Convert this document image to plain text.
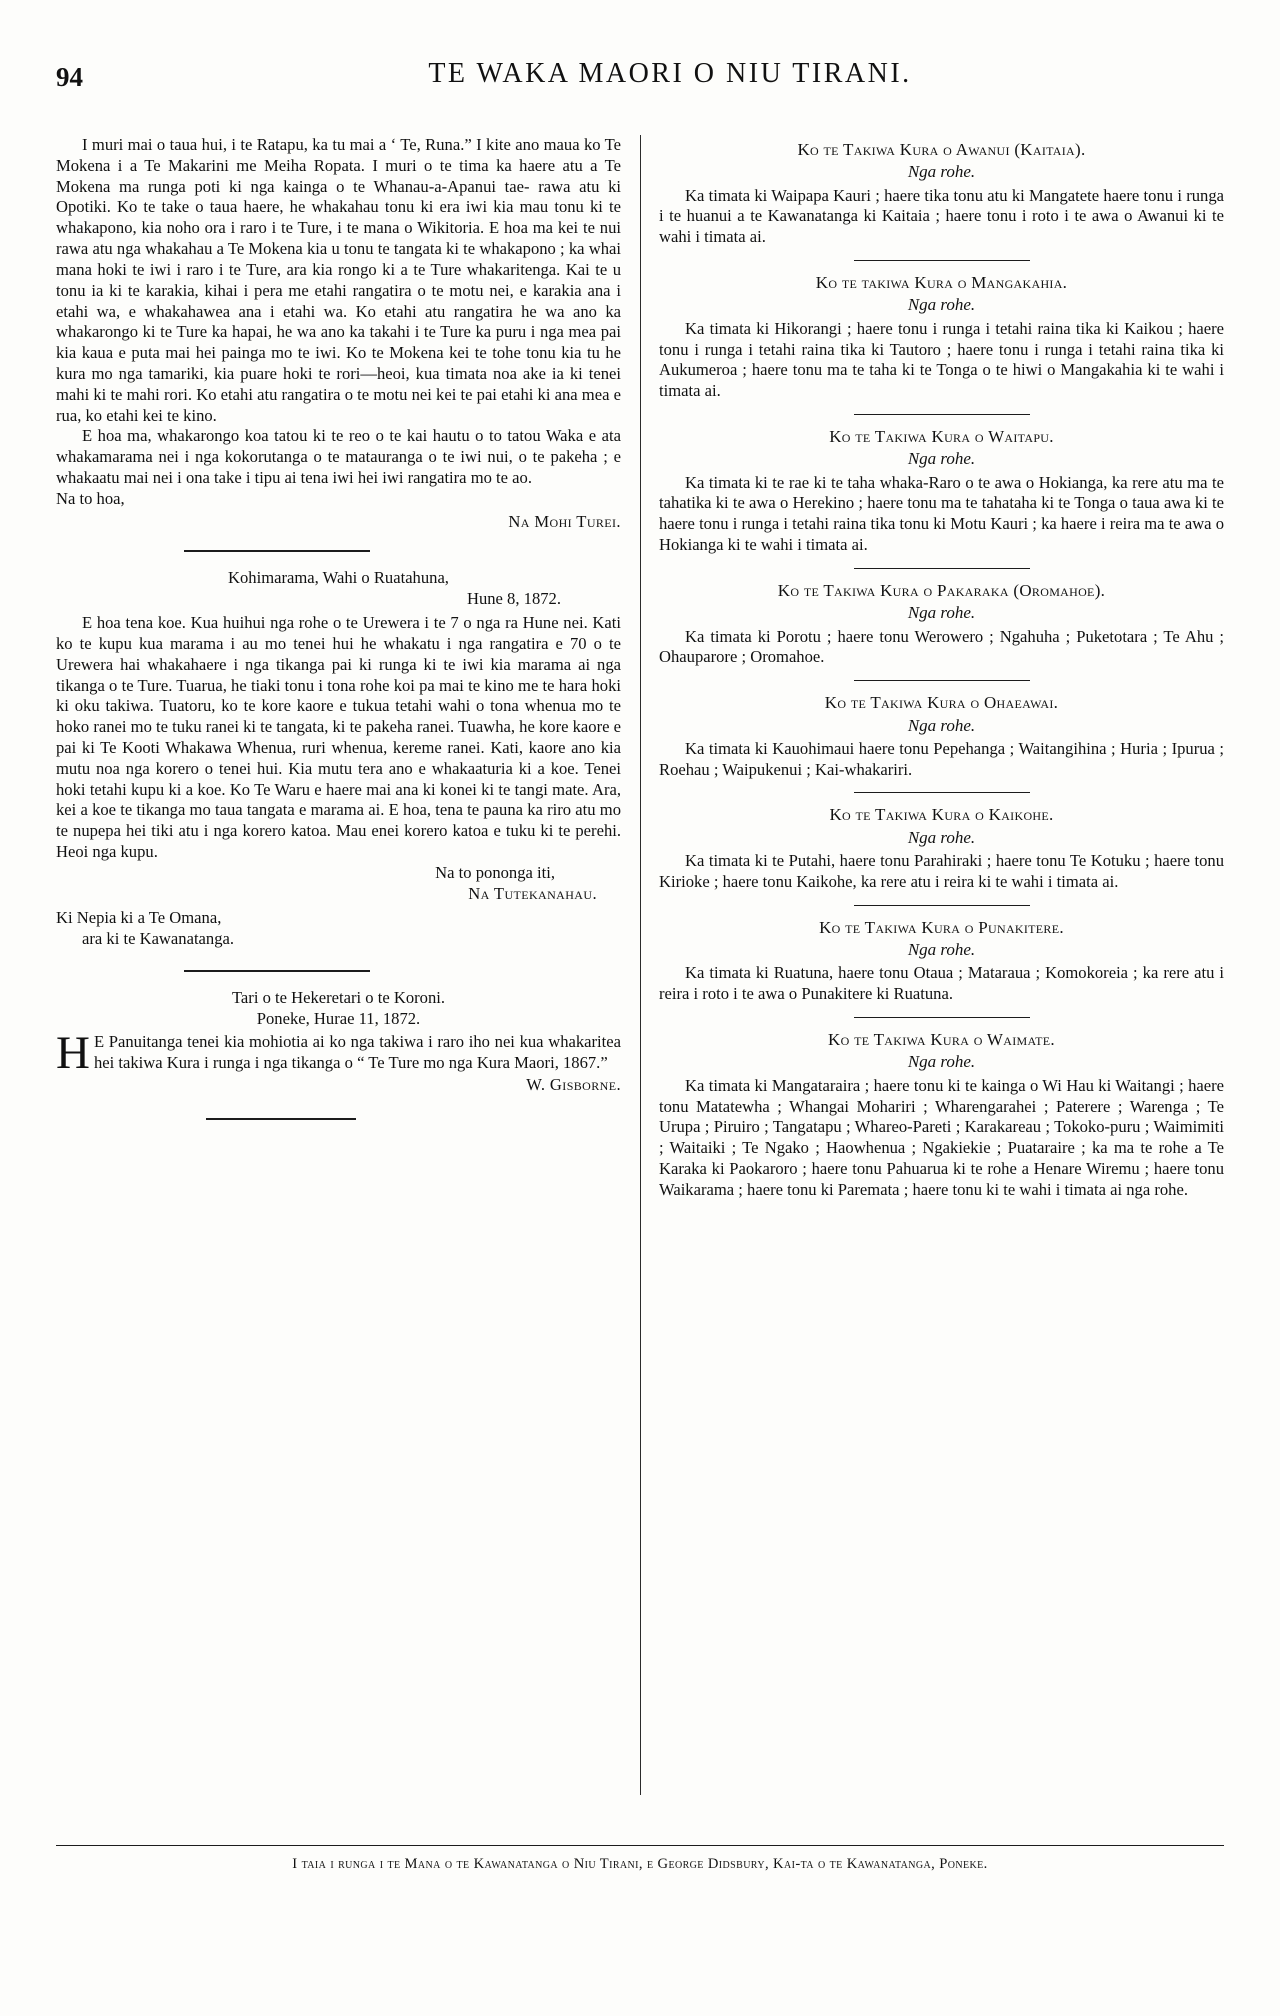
94	TE WAKA MAORI O NIU TIRANI.

I muri mai o taua hui, i te Ratapu, ka tu mai a ‘ Te, Runa.” I kite ano maua ko Te Mokena i a Te Makarini me Meiha Ropata. I muri o te tima ka haere atu a Te Mokena ma runga poti ki nga kainga o te Whanau-a-Apanui tae- rawa atu ki Opotiki. Ko te take o taua haere, he whakahau tonu ki era iwi kia mau tonu ki te whakapono, kia noho ora i raro i te Ture, i te mana o Wikitoria. E hoa ma kei te nui rawa atu nga whakahau a Te Mokena kia u tonu te tangata ki te whakapono ; ka whai mana hoki te iwi i raro i te Ture, ara kia rongo ki a te Ture whakaritenga. Kai te u tonu ia ki te karakia, kihai i pera me etahi rangatira o te motu nei, e karakia ana i etahi wa, e whakahawea ana i etahi wa. Ko etahi atu rangatira he wa ano ka whakarongo ki te Ture ka hapai, he wa ano ka takahi i te Ture ka puru i nga mea pai kia kaua e puta mai hei painga mo te iwi. Ko te Mokena kei te tohe tonu kia tu he kura mo nga tamariki, kia puare hoki te rori—heoi, kua timata noa ake ia ki tenei mahi ki te mahi rori. Ko etahi atu rangatira o te motu nei kei te pai etahi ki ana mea e rua, ko etahi kei te kino.

E hoa ma, whakarongo koa tatou ki te reo o te kai hautu o to tatou Waka e ata whakamarama nei i nga kokorutanga o te matauranga o te iwi nui, o te pakeha ; e whakaatu mai nei i ona take i tipu ai tena iwi hei iwi rangatira mo te ao.

Na to hoa,

Na Mohi Turei.

Kohimarama, Wahi o Ruatahuna,

Hune 8, 1872.

E hoa tena koe. Kua huihui nga rohe o te Urewera i te 7 o nga ra Hune nei. Kati ko te kupu kua marama i au mo tenei hui he whakatu i nga rangatira e 70 o te Urewera hai whakahaere i nga tikanga pai ki runga ki te iwi kia marama ai nga tikanga o te Ture. Tuarua, he tiaki tonu i tona rohe koi pa mai te kino me te hara hoki ki oku takiwa. Tuatoru, ko te kore kaore e tukua tetahi wahi o tona whenua mo te hoko ranei mo te tuku ranei ki te tangata, ki te pakeha ranei. Tuawha, he kore kaore e pai ki Te Kooti Whakawa Whenua, ruri whenua, kereme ranei. Kati, kaore ano kia mutu noa nga korero o tenei hui. Kia mutu tera ano e whakaaturia ki a koe. Tenei hoki tetahi kupu ki a koe. Ko Te Waru e haere mai ana ki konei ki te tangi mate. Ara, kei a koe te tikanga mo taua tangata e marama ai. E hoa, tena te pauna ka riro atu mo te nupepa hei tiki atu i nga korero katoa. Mau enei korero katoa e tuku ki te perehi. Heoi nga kupu.

Na to pononga iti,

Na Tutekanahau.

Ki Nepia ki a Te Omana,

ara ki te Kawanatanga.

Tari o te Hekeretari o te Koroni.

Poneke, Hurae 11, 1872.

H E Panuitanga tenei kia mohiotia ai ko nga takiwa i raro iho nei kua whakaritea hei takiwa Kura i runga i nga tikanga o “ Te Ture mo nga Kura Maori, 1867.”

W. Gisborne.

Ko te Takiwa Kura o Awanui (Kaitaia).

Nga rohe.

Ka timata ki Waipapa Kauri ; haere tika tonu atu ki Mangatete haere tonu i runga i te huanui a te Kawanatanga ki Kaitaia ; haere tonu i roto i te awa o Awanui ki te wahi i timata ai.

Ko te takiwa Kura o Mangakahia.

Nga rohe.

Ka timata ki Hikorangi ; haere tonu i runga i tetahi raina tika ki Kaikou ; haere tonu i runga i tetahi raina tika ki Tautoro ; haere tonu i runga i tetahi raina tika ki Aukumeroa ; haere tonu ma te taha ki te Tonga o te hiwi o Mangakahia ki te wahi i timata ai.

Ko te Takiwa Kura o Waitapu.

Nga rohe.

Ka timata ki te rae ki te taha whaka-Raro o te awa o Hokianga, ka rere atu ma te tahatika ki te awa o Herekino ; haere tonu ma te tahataha ki te Tonga o taua awa ki te haere tonu i runga i tetahi raina tika tonu ki Motu Kauri ; ka haere i reira ma te awa o Hokianga ki te wahi i timata ai.

Ko te Takiwa Kura o Pakaraka (Oromahoe).

Nga rohe.

Ka timata ki Porotu ; haere tonu Werowero ; Ngahuha ; Puketotara ; Te Ahu ; Ohauparore ; Oromahoe.

Ko te Takiwa Kura o Ohaeawai.

Nga rohe.

Ka timata ki Kauohimaui haere tonu Pepehanga ; Waitangihina ; Huria ; Ipurua ; Roehau ; Waipukenui ; Kai-whakariri.

Ko te Takiwa Kura o Kaikohe.

Nga rohe.

Ka timata ki te Putahi, haere tonu Parahiraki ; haere tonu Te Kotuku ; haere tonu Kirioke ; haere tonu Kaikohe, ka rere atu i reira ki te wahi i timata ai.

Ko te Takiwa Kura o Punakitere.

Nga rohe.

Ka timata ki Ruatuna, haere tonu Otaua ; Mataraua ; Komokoreia ; ka rere atu i reira i roto i te awa o Punakitere ki Ruatuna.

Ko te Takiwa Kura o Waimate.

Nga rohe.

Ka timata ki Mangataraira ; haere tonu ki te kainga o Wi Hau ki Waitangi ; haere tonu Matatewha ; Whangai Mohariri ; Wharengarahei ; Paterere ; Warenga ; Te Urupa ; Piruiro ; Tangatapu ; Whareo-Pareti ; Karakareau ; Tokoko-puru ; Waimimiti ; Waitaiki ; Te Ngako ; Haowhenua ; Ngakiekie ; Puataraire ; ka ma te rohe a Te Karaka ki Paokaroro ; haere tonu Pahuarua ki te rohe a Henare Wiremu ; haere tonu Waikarama ; haere tonu ki Paremata ; haere tonu ki te wahi i timata ai nga rohe.

I taia i runga i te Mana o te Kawanatanga o Niu Tirani, e George Didsbury, Kai-ta o te Kawanatanga, Poneke.
